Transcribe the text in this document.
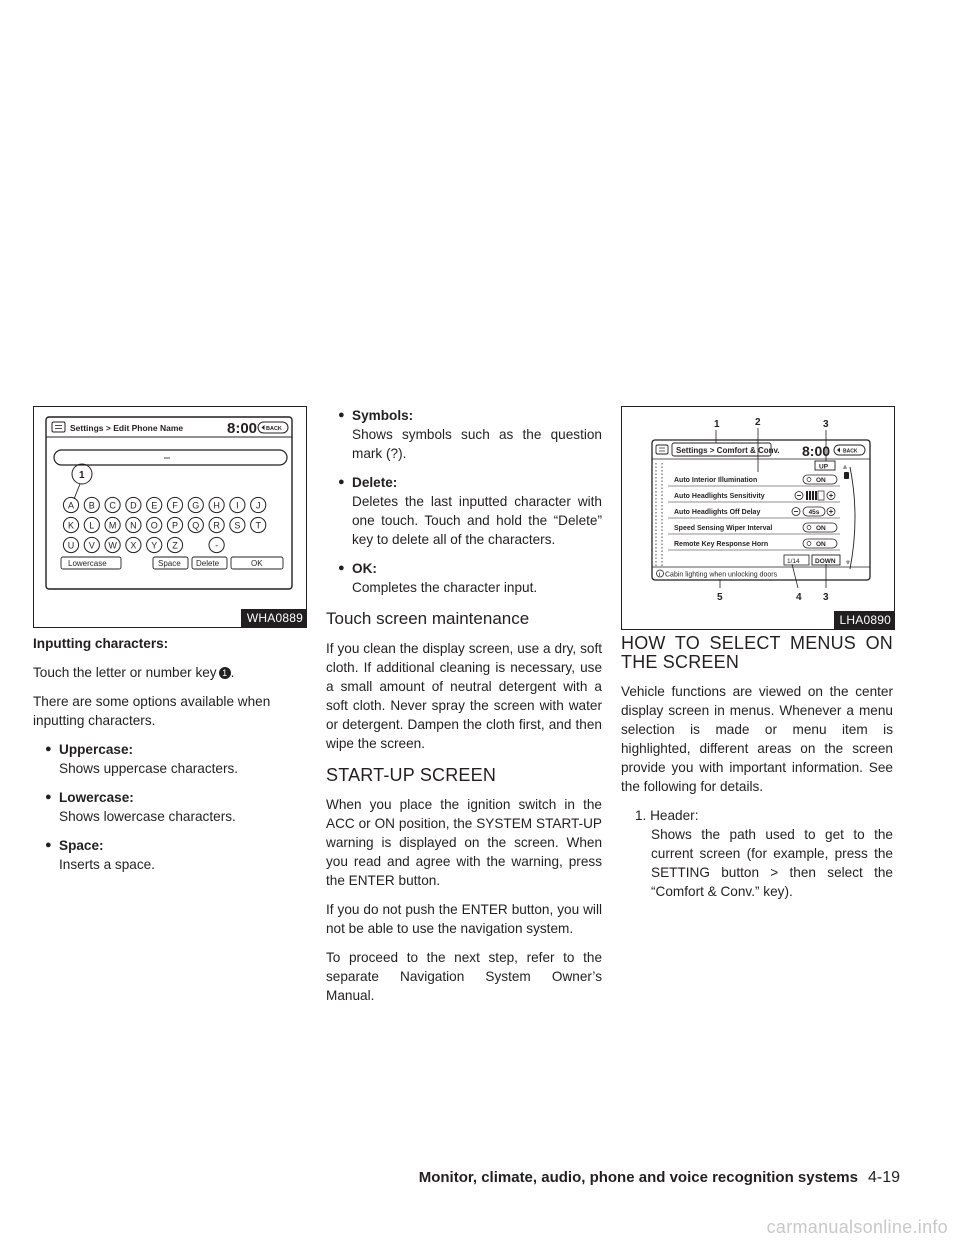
Settings > Edit Phone Name	8:00 BACK
1
A B C D E F G H I J
K L M N O P Q R S T
U V W X Y Z	-
Lowercase	Space Delete	OK
WHA0889

Inputting characters:

Touch the letter or number key 1 .

There are some options available when inputting characters.

● Uppercase:
Shows uppercase characters.
● Lowercase:
Shows lowercase characters.
● Space:
Inserts a space.
● Symbols:
Shows symbols such as the question mark (?).
● Delete:
Deletes the last inputted character with one touch. Touch and hold the “Delete” key to delete all of the characters.
● OK:
Completes the character input.
Touch screen maintenance

If you clean the display screen, use a dry, soft cloth. If additional cleaning is necessary, use a small amount of neutral detergent with a soft cloth. Never spray the screen with water or detergent. Dampen the cloth first, and then wipe the screen.

START-UP SCREEN

When you place the ignition switch in the ACC or ON position, the SYSTEM START-UP warning is displayed on the screen. When you read and agree with the warning, press the ENTER button.

If you do not push the ENTER button, you will not be able to use the navigation system.

To proceed to the next step, refer to the separate Navigation System Owner’s Manual.

1	2	3
Settings > Comfort & Conv. 8:00	BACK
UP ⩓
Auto Interior Illumination	ON
Auto Headlights Sensitivity
Auto Headlights Off Delay	45s
Speed Sensing Wiper Interval	ON
Remote Key Response Horn	ON
1/14 DOWN ⩔
i Cabin lighting when unlocking doors
5	4 3
LHA0890
HOW TO SELECT MENUS ON THE SCREEN

Vehicle functions are viewed on the center display screen in menus. Whenever a menu selection is made or menu item is highlighted, different areas on the screen provide you with important information. See the following for details.

1. Header:
Shows the path used to get to the current screen (for example, press the SETTING button > then select the “Comfort & Conv.” key).
Monitor, climate, audio, phone and voice recognition systems 4-19
carmanualsonline.info
